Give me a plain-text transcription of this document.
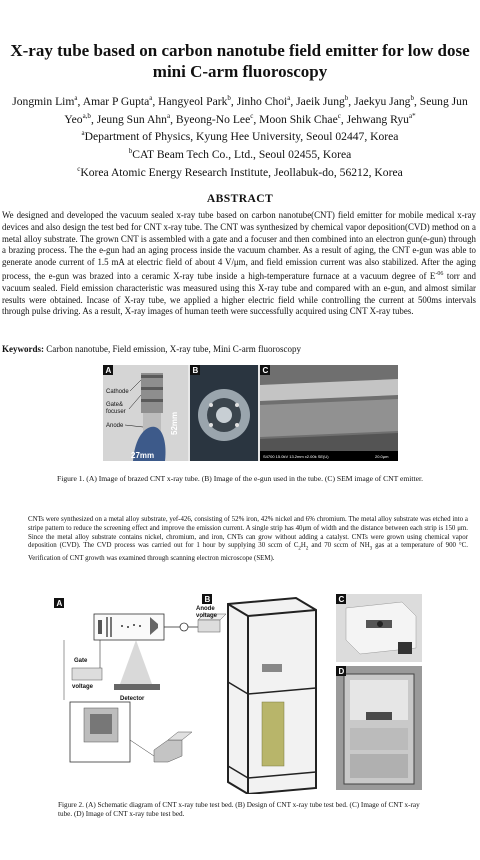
X-ray tube based on carbon nanotube field emitter for low dose mini C-arm fluoroscopy
Jongmin Lim$^a$, Amar P Gupta$^a$, Hangyeol Park$^b$, Jinho Choi$^a$, Jaeik Jung$^b$, Jaekyu Jang$^b$, Seung Jun Yeo$^{a,b}$, Jeung Sun Ahn$^a$, Byeong-No Lee$^c$, Moon Shik Chae$^c$, Jehwang Ryu$^{a*}$
$^a$Department of Physics, Kyung Hee University, Seoul 02447, Korea
$^b$CAT Beam Tech Co., Ltd., Seoul 02455, Korea
$^c$Korea Atomic Energy Research Institute, Jeollabuk-do, 56212, Korea
ABSTRACT
We designed and developed the vacuum sealed x-ray tube based on carbon nanotube(CNT) field emitter for mobile medical x-ray devices and also design the test bed for CNT x-ray tube. The CNT was synthesized by chemical vapor deposition(CVD) method on a metal alloy substrate. The grown CNT is assembled with a gate and a focuser and then combined into an electron gun(e-gun) through a brazing process. The the e-gun had an aging process inside the vacuum chamber. As a result of aging, the CNT e-gun was able to generate anode current of 1.5 mA at electric field of about 4 V/μm, and field emission current was also stabilized. After the aging process, the e-gun was brazed into a ceramic X-ray tube inside a high-temperature furnace at a vacuum degree of $E^{-06}$ torr and vacuum sealed. Field emission characteristic was measured using this X-ray tube and compared with an e-gun, and almost similar results were obtained. Incase of X-ray tube, we applied a higher electric field while controlling the current at 500ms intervals through pulse driving. As a result, X-ray images of human teeth were successfully acquired using CNT X-ray tubes.
Keywords: Carbon nanotube, Field emission, X-ray tube, Mini C-arm fluoroscopy
A
Cathode
Gate&
focuser
Anode
27mm
52mm
B
S4700 15.0kV 13.2mm x2.00k SE(U)	20.0μm
C
Figure 1. (A) Image of brazed CNT x-ray tube. (B) Image of the e-gun used in the tube. (C) SEM image of CNT emitter.
CNTs were synthesized on a metal alloy substrate, yef-426, consisting of 52% iron, 42% nickel and 6% chromium. The metal alloy substrate was etched into a stripe pattern to reduce the screening effect and improve the emission current. A single strip has 40μm of width and the distance between each strip is 150 μm. Since the metal alloy substrate contains nickel, chromium, and iron, CNTs can grow without adding a catalyst. CNTs were grown using chemical vapor deposition (CVD). The CVD process was carried out for 1 hour by supplying 30 sccm of $C_2H_2$ and 70 sccm of $NH_3$ gas at a temperature of 900 °C. Verification of CNT growth was examined through scanning electron microscope (SEM).
A
Anode
voltage
Detector
Gate
voltage
B	C
D
Figure 2. (A) Schematic diagram of CNT x-ray tube test bed. (B) Design of CNT x-ray tube test bed. (C) Image of CNT x-ray tube. (D) Image of CNT x-ray tube test bed.
